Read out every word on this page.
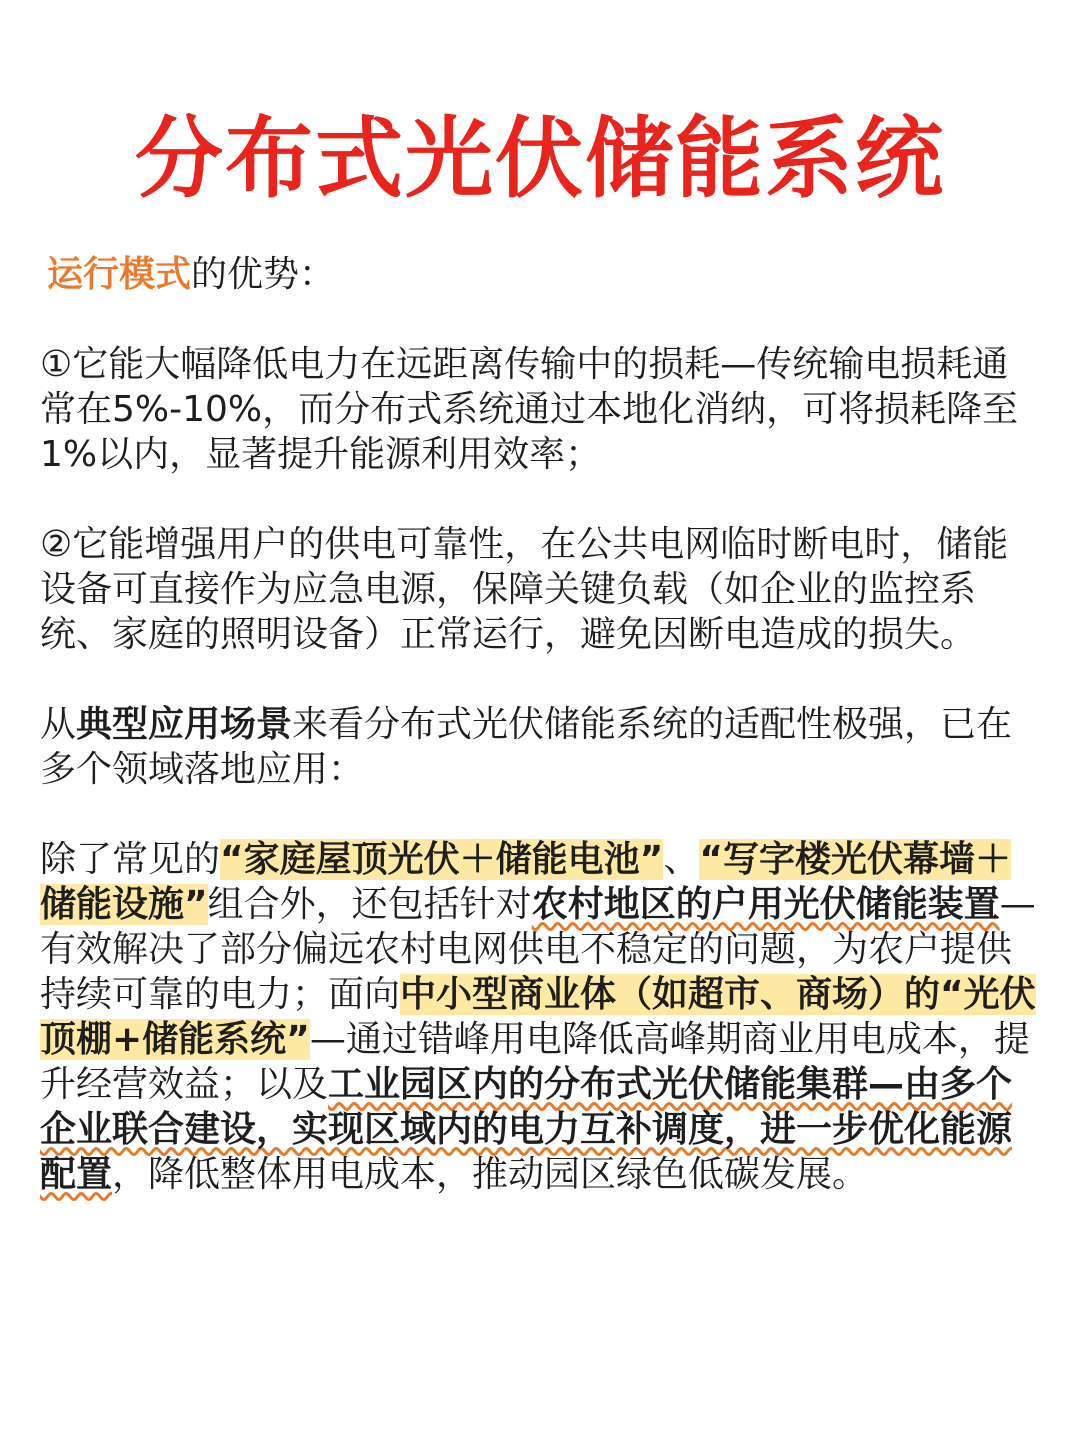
分布式光伏储能系统

运行模式的优势：

①它能大幅降低电力在远距离传输中的损耗—传统输电损耗通常在5%-10%，而分布式系统通过本地化消纳，可将损耗降至1%以内，显著提升能源利用效率；

②它能增强用户的供电可靠性，在公共电网临时断电时，储能设备可直接作为应急电源，保障关键负载（如企业的监控系统、家庭的照明设备）正常运行，避免因断电造成的损失。

从典型应用场景来看分布式光伏储能系统的适配性极强，已在多个领域落地应用：

除了常见的“家庭屋顶光伏＋储能电池”、“写字楼光伏幕墙＋储能设施”组合外，还包括针对农村地区的户用光伏储能装置—有效解决了部分偏远农村电网供电不稳定的问题，为农户提供持续可靠的电力；面向中小型商业体（如超市、商场）的“光伏顶棚+储能系统”—通过错峰用电降低高峰期商业用电成本，提升经营效益；以及工业园区内的分布式光伏储能集群—由多个企业联合建设，实现区域内的电力互补调度，进一步优化能源配置，降低整体用电成本，推动园区绿色低碳发展。
